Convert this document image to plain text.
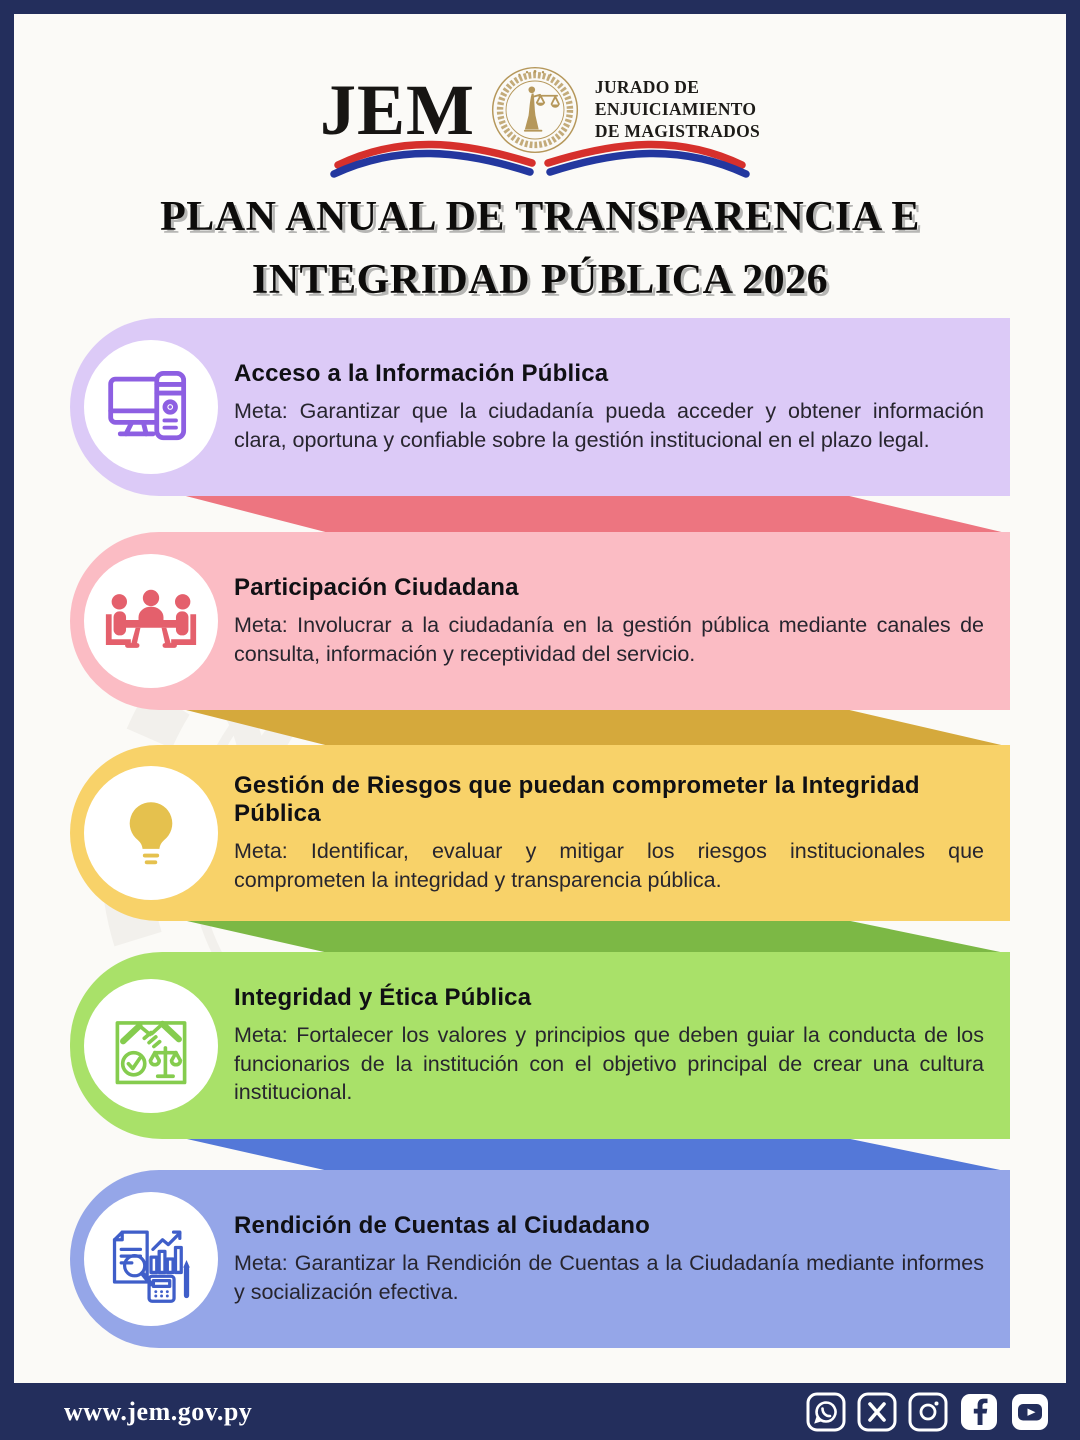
JEM	JURADO DE
ENJUICIAMIENTO
DE MAGISTRADOS
PLAN ANUAL DE TRANSPARENCIA E
INTEGRIDAD PÚBLICA 2026
Acceso a la Información Pública

Meta: Garantizar que la ciudadanía pueda acceder y obtener información clara, oportuna y confiable sobre la gestión institucional en el plazo legal.

Participación Ciudadana

Meta: Involucrar a la ciudadanía en la gestión pública mediante canales de consulta, información y receptividad del servicio.

Gestión de Riesgos que puedan comprometer la Integridad Pública

Meta: Identificar, evaluar y mitigar los riesgos institucionales que comprometen la integridad y transparencia pública.

Integridad y Ética Pública

Meta: Fortalecer los valores y principios que deben guiar la conducta de los funcionarios de la institución con el objetivo principal de crear una cultura institucional.

Rendición de Cuentas al Ciudadano

Meta: Garantizar la Rendición de Cuentas a la Ciudadanía mediante informes y socialización efectiva.

www.jem.gov.py
